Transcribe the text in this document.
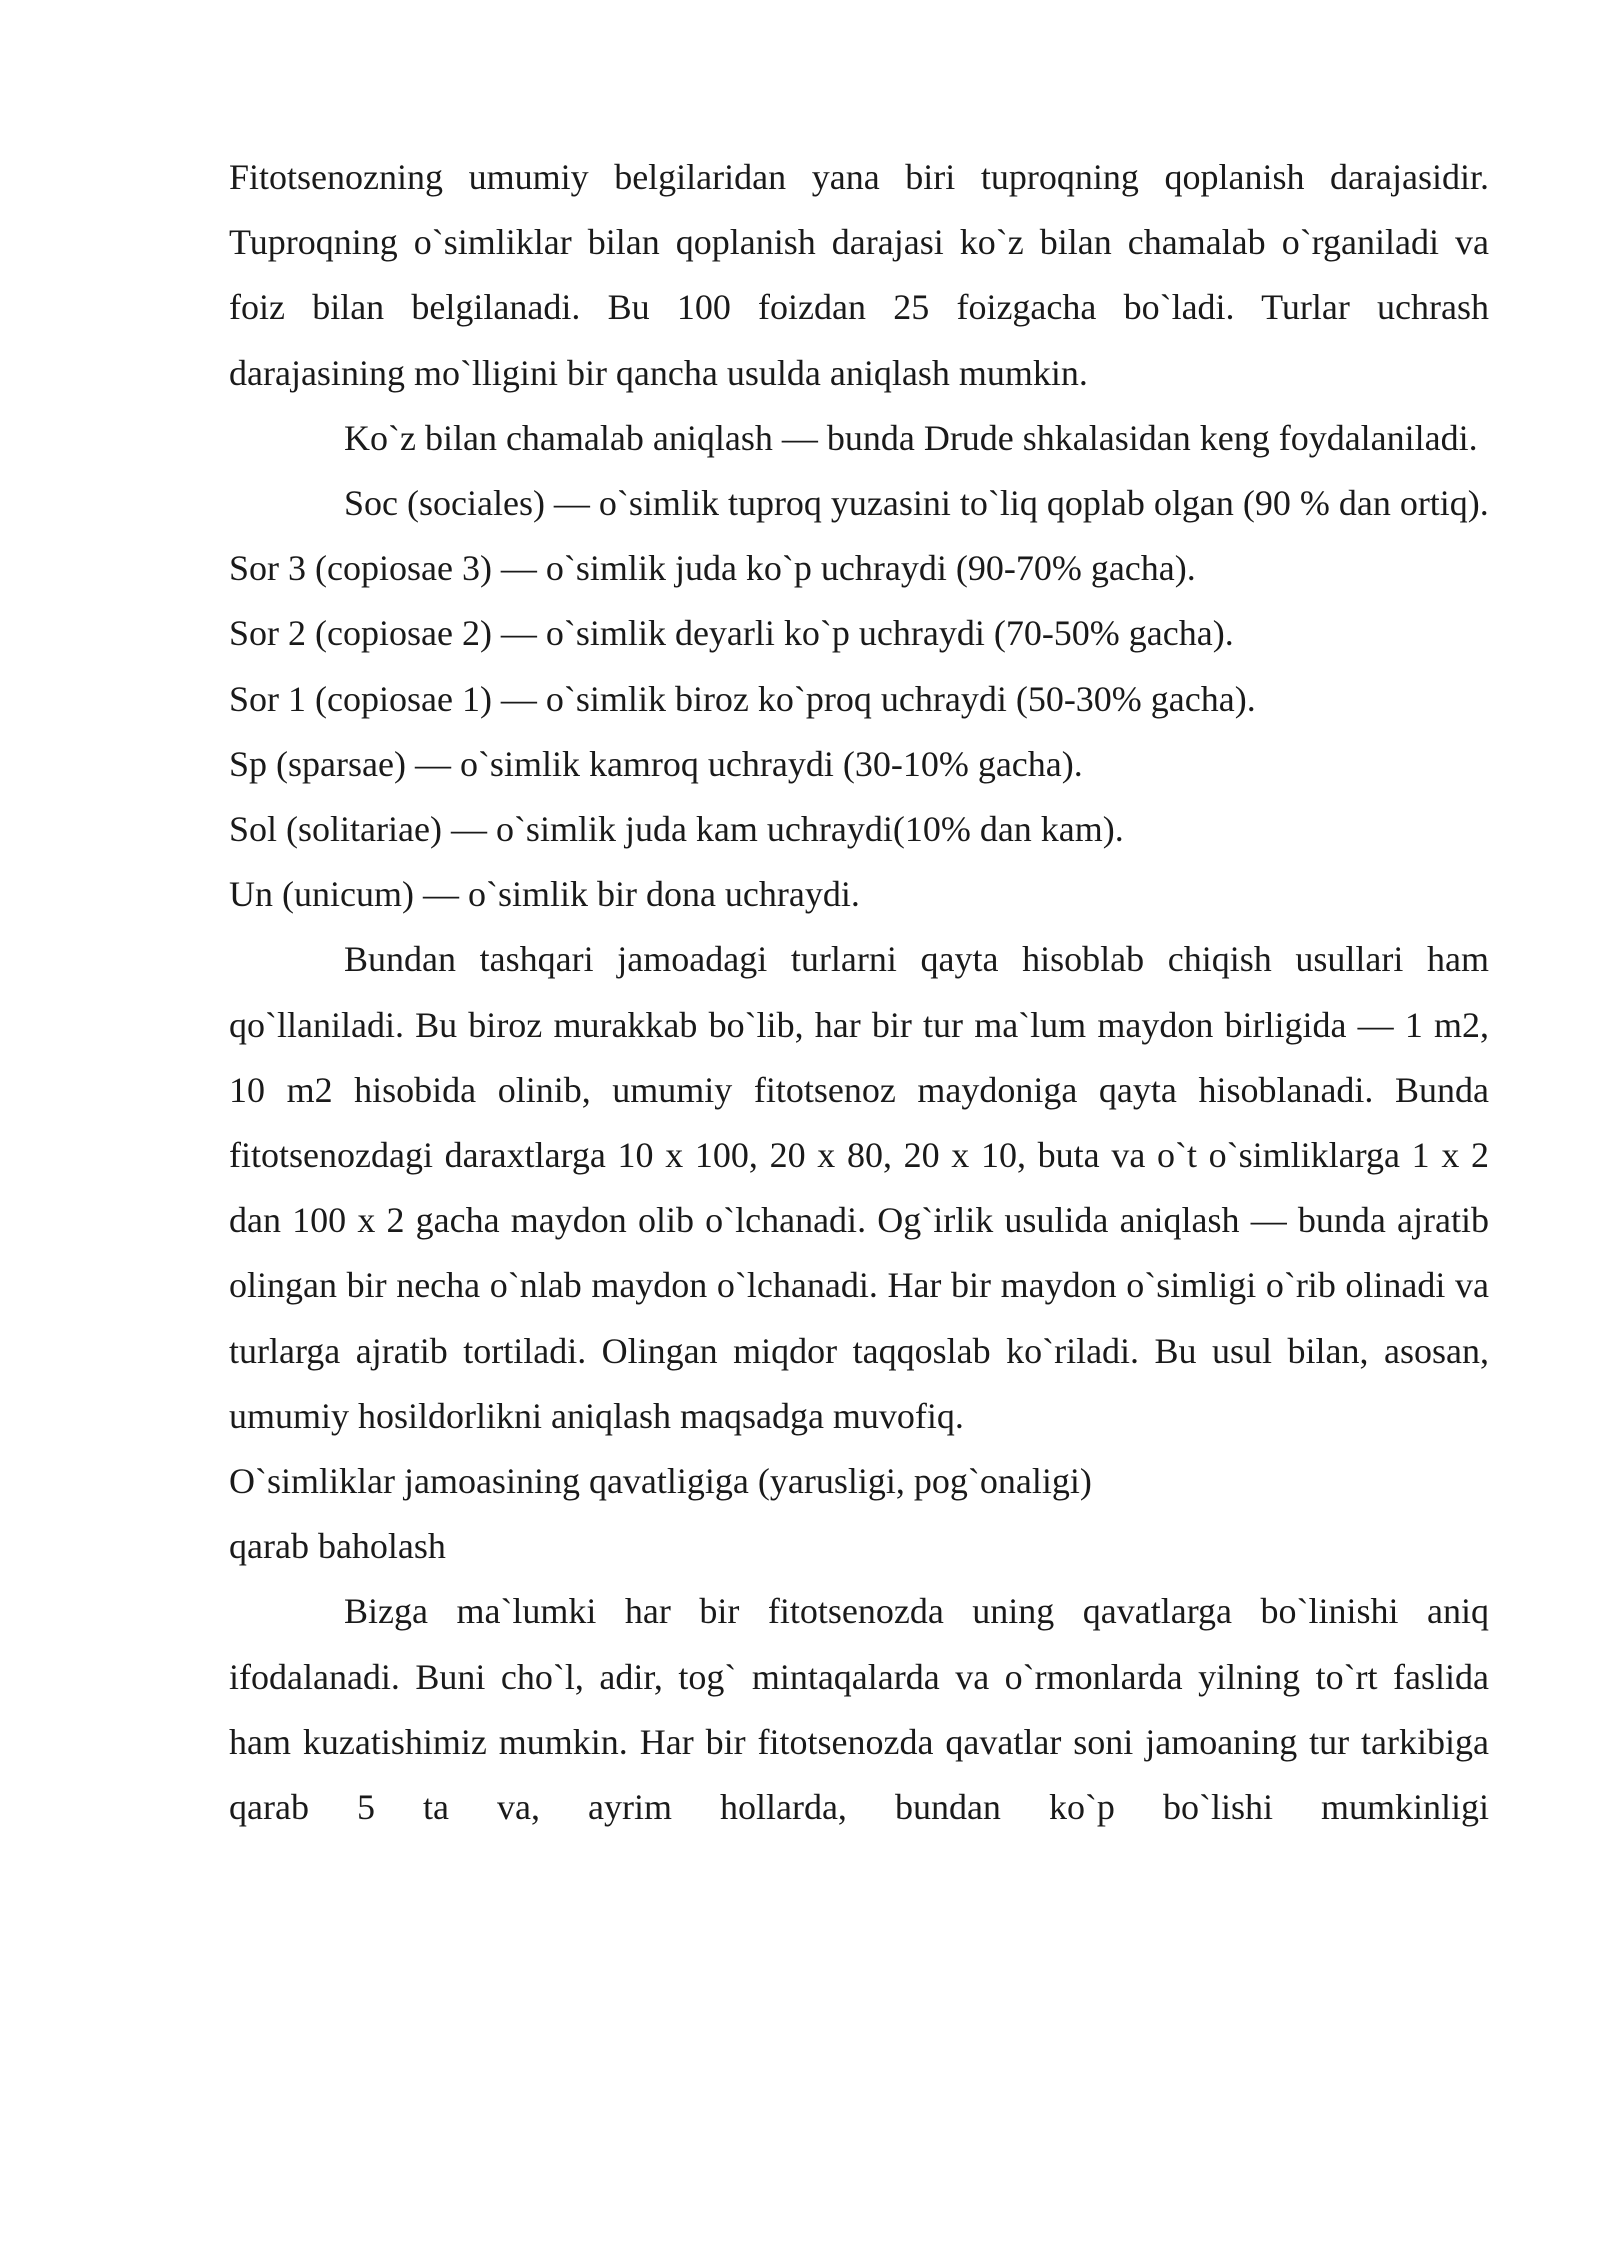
Fitotsenozning umumiy belgilaridan yana biri tuproqning qoplanish darajasidir. Tuproqning o`simliklar bilan qoplanish darajasi ko`z bilan chamalab o`rganiladi va foiz bilan belgilanadi. Bu 100 foizdan 25 foizgacha bo`ladi. Turlar uchrash darajasining mo`lligini bir qancha usulda aniqlash mumkin.

Ko`z bilan chamalab aniqlash — bunda Drude shkalasidan keng foydalaniladi.

Soc (sociales) — o`simlik tuproq yuzasini to`liq qoplab olgan (90 % dan ortiq).

Sor 3 (copiosae 3) — o`simlik juda ko`p uchraydi (90-70% gacha).

Sor 2 (copiosae 2) — o`simlik deyarli ko`p uchraydi (70-50% gacha).

Sor 1 (copiosae 1) — o`simlik biroz ko`proq uchraydi (50-30% gacha).

Sp (sparsae) — o`simlik kamroq uchraydi (30-10% gacha).

Sol (solitariae) — o`simlik juda kam uchraydi(10% dan kam).

Un (unicum) — o`simlik bir dona uchraydi.

Bundan tashqari jamoadagi turlarni qayta hisoblab chiqish usullari ham qo`llaniladi. Bu biroz murakkab bo`lib, har bir tur ma`lum maydon birligida — 1 m2, 10 m2 hisobida olinib, umumiy fitotsenoz maydoniga qayta hisoblanadi. Bunda fitotsenozdagi daraxtlarga 10 x 100, 20 x 80, 20 x 10, buta va o`t o`simliklarga 1 x 2 dan 100 x 2 gacha maydon olib o`lchanadi. Og`irlik usulida aniqlash — bunda ajratib olingan bir necha o`nlab maydon o`lchanadi. Har bir maydon o`simligi o`rib olinadi va turlarga ajratib tortiladi. Olingan miqdor taqqoslab ko`riladi. Bu usul bilan, asosan, umumiy hosildorlikni aniqlash maqsadga muvofiq.

O`simliklar jamoasining qavatligiga (yarusligi, pog`onaligi)

qarab baholash

Bizga ma`lumki har bir fitotsenozda uning qavatlarga bo`linishi aniq ifodalanadi. Buni cho`l, adir, tog` mintaqalarda va o`rmonlarda yilning to`rt faslida ham kuzatishimiz mumkin. Har bir fitotsenozda qavatlar soni jamoaning tur tarkibiga qarab 5 ta va, ayrim hollarda, bundan ko`p bo`lishi mumkinligi
